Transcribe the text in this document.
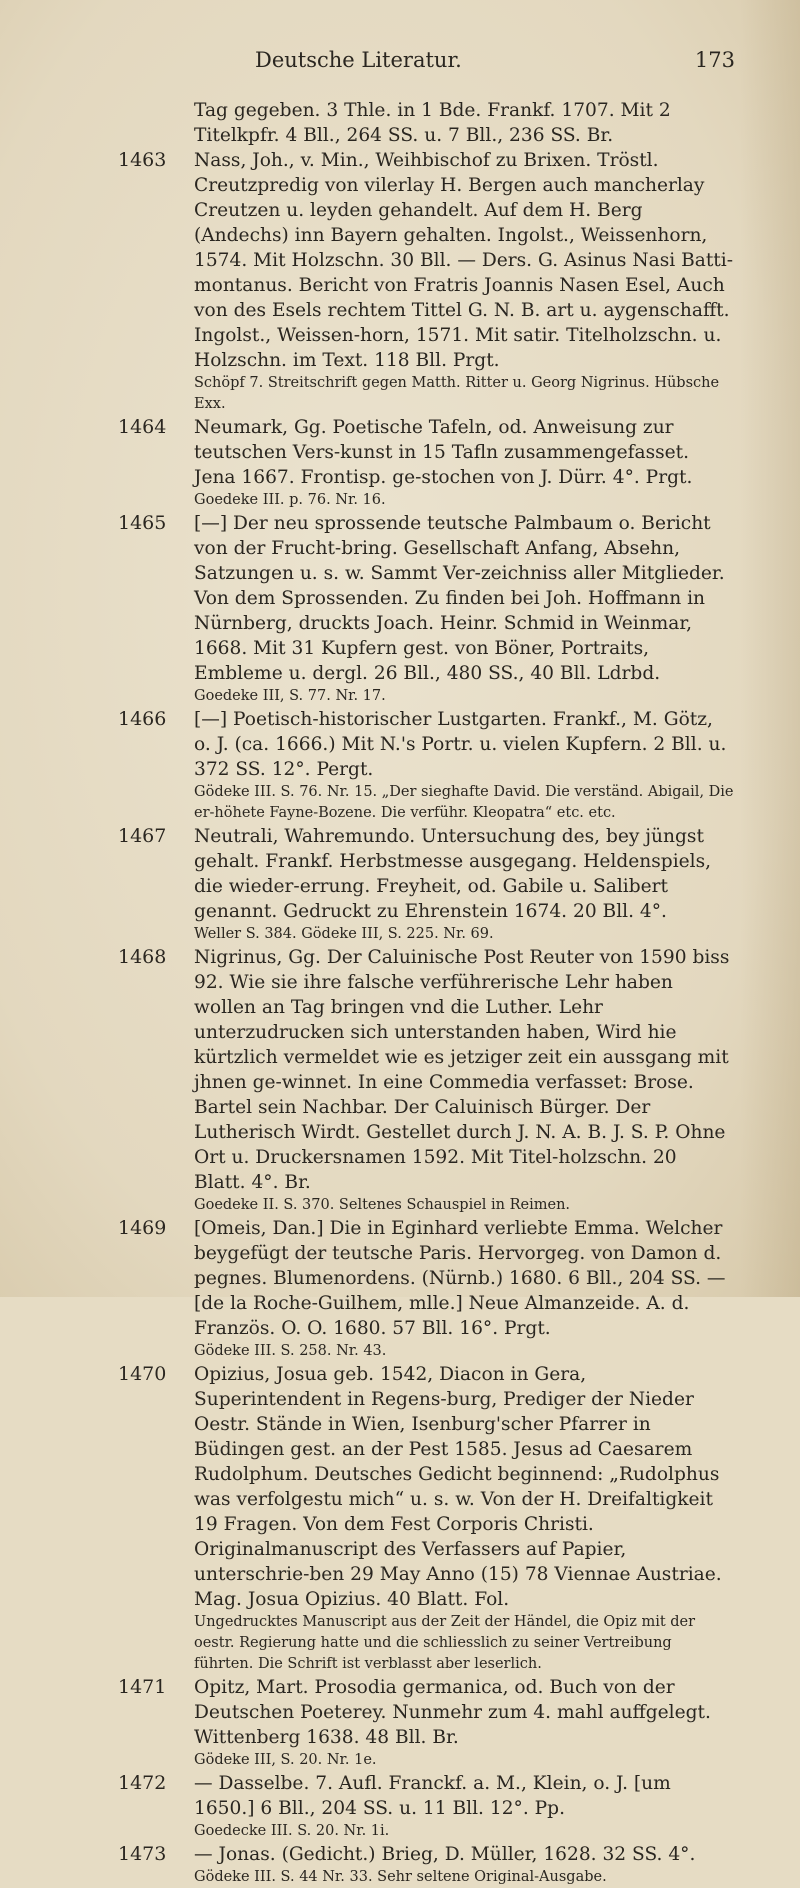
Deutsche Literatur.	173
Tag gegeben. 3 Thle. in 1 Bde. Frankf. 1707. Mit 2 Titelkpfr. 4 Bll., 264 SS. u. 7 Bll., 236 SS. Br.
1463	Nass, Joh., v. Min., Weihbischof zu Brixen. Tröstl. Creutzpredig von vilerlay H. Bergen auch mancherlay Creutzen u. leyden gehandelt. Auf dem H. Berg (Andechs) inn Bayern gehalten. Ingolst., Weissenhorn, 1574. Mit Holzschn. 30 Bll. — Ders. G. Asinus Nasi Batti-montanus. Bericht von Fratris Joannis Nasen Esel, Auch von des Esels rechtem Tittel G. N. B. art u. aygenschafft. Ingolst., Weissen-horn, 1571. Mit satir. Titelholzschn. u. Holzschn. im Text. 118 Bll. Prgt.
Schöpf 7. Streitschrift gegen Matth. Ritter u. Georg Nigrinus. Hübsche Exx.
1464	Neumark, Gg. Poetische Tafeln, od. Anweisung zur teutschen Vers-kunst in 15 Tafln zusammengefasset. Jena 1667. Frontisp. ge-stochen von J. Dürr. 4°. Prgt.
Goedeke III. p. 76. Nr. 16.
1465	[—] Der neu sprossende teutsche Palmbaum o. Bericht von der Frucht-bring. Gesellschaft Anfang, Absehn, Satzungen u. s. w. Sammt Ver-zeichniss aller Mitglieder. Von dem Sprossenden. Zu finden bei Joh. Hoffmann in Nürnberg, druckts Joach. Heinr. Schmid in Weinmar, 1668. Mit 31 Kupfern gest. von Böner, Portraits, Embleme u. dergl. 26 Bll., 480 SS., 40 Bll. Ldrbd.
Goedeke III, S. 77. Nr. 17.
1466	[—] Poetisch-historischer Lustgarten. Frankf., M. Götz, o. J. (ca. 1666.) Mit N.'s Portr. u. vielen Kupfern. 2 Bll. u. 372 SS. 12°. Pergt.
Gödeke III. S. 76. Nr. 15. „Der sieghafte David. Die verständ. Abigail, Die er-höhete Fayne-Bozene. Die verführ. Kleopatra“ etc. etc.
1467	Neutrali, Wahremundo. Untersuchung des, bey jüngst gehalt. Frankf. Herbstmesse ausgegang. Heldenspiels, die wieder-errung. Freyheit, od. Gabile u. Salibert genannt. Gedruckt zu Ehrenstein 1674. 20 Bll. 4°.
Weller S. 384. Gödeke III, S. 225. Nr. 69.
1468	Nigrinus, Gg. Der Caluinische Post Reuter von 1590 biss 92. Wie sie ihre falsche verführerische Lehr haben wollen an Tag bringen vnd die Luther. Lehr unterzudrucken sich unterstanden haben, Wird hie kürtzlich vermeldet wie es jetziger zeit ein aussgang mit jhnen ge-winnet. In eine Commedia verfasset: Brose. Bartel sein Nachbar. Der Caluinisch Bürger. Der Lutherisch Wirdt. Gestellet durch J. N. A. B. J. S. P. Ohne Ort u. Druckersnamen 1592. Mit Titel-holzschn. 20 Blatt. 4°. Br.
Goedeke II. S. 370. Seltenes Schauspiel in Reimen.
1469	[Omeis, Dan.] Die in Eginhard verliebte Emma. Welcher beygefügt der teutsche Paris. Hervorgeg. von Damon d. pegnes. Blumenordens. (Nürnb.) 1680. 6 Bll., 204 SS. — [de la Roche-Guilhem, mlle.] Neue Almanzeide. A. d. Französ. O. O. 1680. 57 Bll. 16°. Prgt.
Gödeke III. S. 258. Nr. 43.
1470	Opizius, Josua geb. 1542, Diacon in Gera, Superintendent in Regens-burg, Prediger der Nieder Oestr. Stände in Wien, Isenburg'scher Pfarrer in Büdingen gest. an der Pest 1585. Jesus ad Caesarem Rudolphum. Deutsches Gedicht beginnend: „Rudolphus was verfolgestu mich“ u. s. w. Von der H. Dreifaltigkeit 19 Fragen. Von dem Fest Corporis Christi. Originalmanuscript des Verfassers auf Papier, unterschrie-ben 29 May Anno (15) 78 Viennae Austriae. Mag. Josua Opizius. 40 Blatt. Fol.
Ungedrucktes Manuscript aus der Zeit der Händel, die Opiz mit der oestr. Regierung hatte und die schliesslich zu seiner Vertreibung führten. Die Schrift ist verblasst aber leserlich.
1471	Opitz, Mart. Prosodia germanica, od. Buch von der Deutschen Poeterey. Nunmehr zum 4. mahl auffgelegt. Wittenberg 1638. 48 Bll. Br.
Gödeke III, S. 20. Nr. 1e.
1472	— Dasselbe. 7. Aufl. Franckf. a. M., Klein, o. J. [um 1650.] 6 Bll., 204 SS. u. 11 Bll. 12°. Pp.
Goedecke III. S. 20. Nr. 1i.
1473	— Jonas. (Gedicht.) Brieg, D. Müller, 1628. 32 SS. 4°.
Gödeke III. S. 44 Nr. 33. Sehr seltene Original-Ausgabe.
